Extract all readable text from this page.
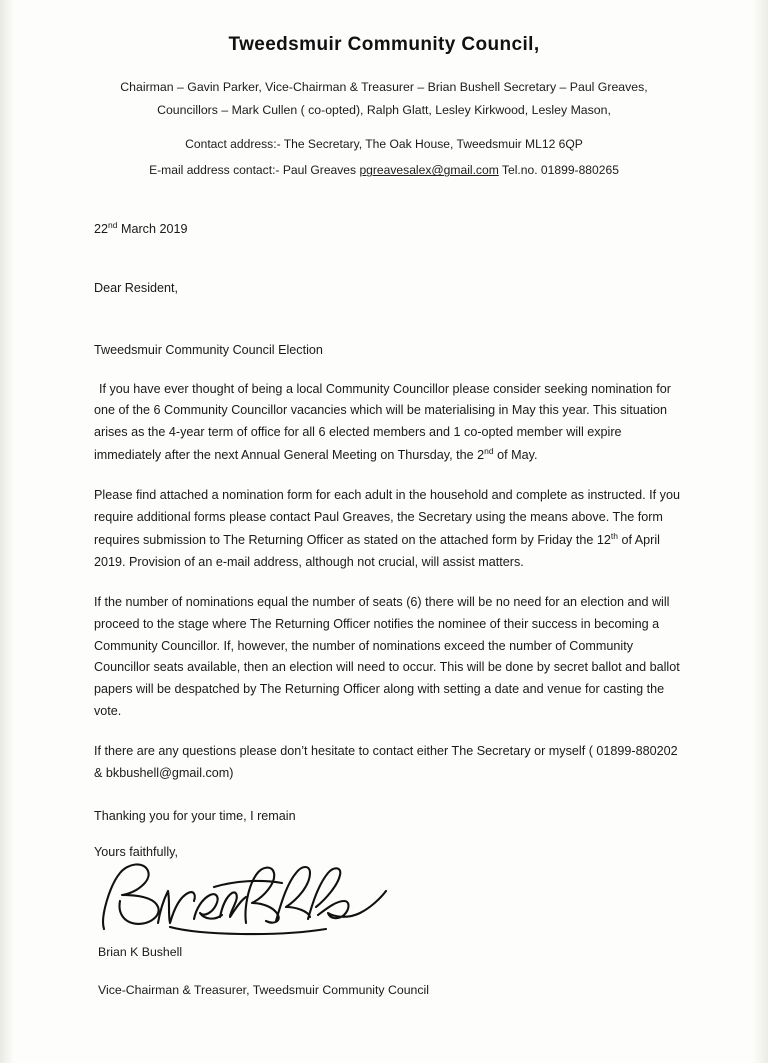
Tweedsmuir Community Council,
Chairman – Gavin Parker, Vice-Chairman & Treasurer – Brian Bushell Secretary – Paul Greaves,
Councillors – Mark Cullen ( co-opted), Ralph Glatt, Lesley Kirkwood, Lesley Mason,
Contact address:- The Secretary, The Oak House, Tweedsmuir ML12 6QP
E-mail address contact:- Paul Greaves pgreavesalex@gmail.com Tel.no. 01899-880265
22nd March 2019
Dear Resident,
Tweedsmuir Community Council Election

If you have ever thought of being a local Community Councillor please consider seeking nomination for one of the 6 Community Councillor vacancies which will be materialising in May this year. This situation arises as the 4-year term of office for all 6 elected members and 1 co-opted member will expire immediately after the next Annual General Meeting on Thursday, the 2nd of May.

Please find attached a nomination form for each adult in the household and complete as instructed. If you require additional forms please contact Paul Greaves, the Secretary using the means above. The form requires submission to The Returning Officer as stated on the attached form by Friday the 12th of April 2019. Provision of an e-mail address, although not crucial, will assist matters.

If the number of nominations equal the number of seats (6) there will be no need for an election and will proceed to the stage where The Returning Officer notifies the nominee of their success in becoming a Community Councillor. If, however, the number of nominations exceed the number of Community Councillor seats available, then an election will need to occur. This will be done by secret ballot and ballot papers will be despatched by The Returning Officer along with setting a date and venue for casting the vote.

If there are any questions please don’t hesitate to contact either The Secretary or myself ( 01899-880202 & bkbushell@gmail.com)

Thanking you for your time, I remain
Yours faithfully,
Brian K Bushell
Vice-Chairman & Treasurer, Tweedsmuir Community Council
